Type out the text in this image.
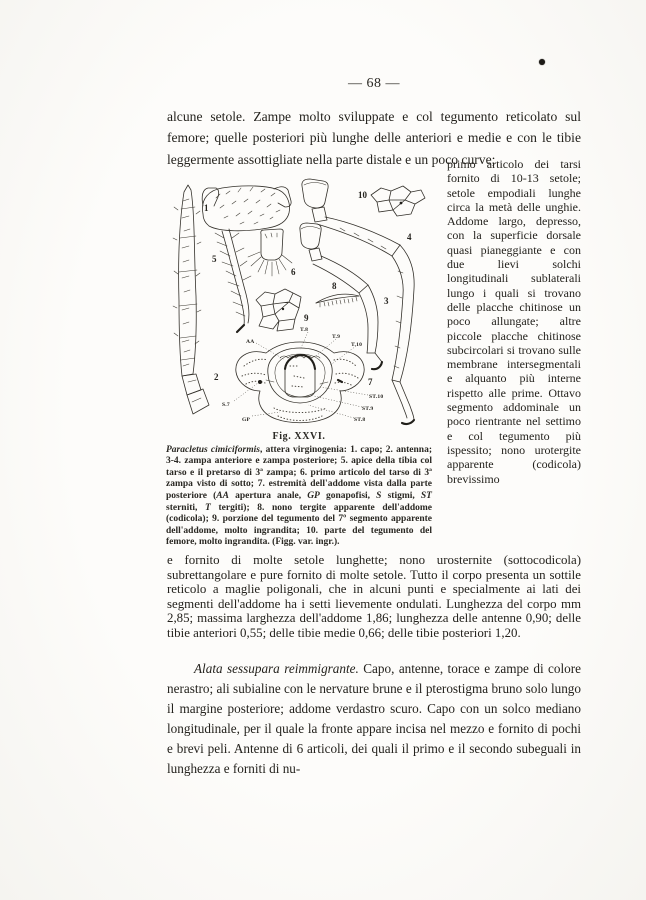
— 68 —
alcune setole. Zampe molto sviluppate e col tegumento reticolato sul femore; quelle posteriori più lunghe delle anteriori e medie e con le tibie leggermente assottigliate nella parte distale e un poco curve;
primo articolo dei tarsi fornito di 10-13 setole; setole empodiali lunghe circa la metà delle unghie. Addome largo, depresso, con la superficie dorsale quasi pianeggiante e con due lievi solchi longitudinali sublaterali lungo i quali si trovano delle placche chitinose un poco allungate; altre piccole placche chitinose subcircolari si trovano sulle membrane intersegmentali e alquanto più interne rispetto alle prime. Ottavo segmento addominale un poco rientrante nel settimo e col tegumento più ispessito; nono urotergite apparente (codicola) brevissimo
2
1
5
6
10
4
3
8
9
7
AA
T.8
T.9
T.10
S.7
GP
ST.10
ST.9
ST.8
Fig. XXVI.
Paracletus cimiciformis, attera virginogenia: 1. capo; 2. antenna; 3-4. zampa anteriore e zampa posteriore; 5. apice della tibia col tarso e il pretarso di 3ª zampa; 6. primo articolo del tarso di 3ª zampa visto di sotto; 7. estremità dell'addome vista dalla parte posteriore (AA apertura anale, GP gonapofisi, S stigmi, ST sterniti, T tergiti); 8. nono tergite apparente dell'addome (codicola); 9. porzione del tegumento del 7º segmento apparente dell'addome, molto ingrandita; 10. parte del tegumento del femore, molto ingrandita. (Figg. var. ingr.).
e fornito di molte setole lunghette; nono urosternite (sottocodicola) subrettangolare e pure fornito di molte setole. Tutto il corpo presenta un sottile reticolo a maglie poligonali, che in alcuni punti e specialmente ai lati dei segmenti dell'addome ha i setti lievemente ondulati. Lunghezza del corpo mm 2,85; massima larghezza dell'addome 1,86; lunghezza delle antenne 0,90; delle tibie anteriori 0,55; delle tibie medie 0,66; delle tibie posteriori 1,20.
Alata sessupara reimmigrante. Capo, antenne, torace e zampe di colore nerastro; ali subialine con le nervature brune e il pterostigma bruno solo lungo il margine posteriore; addome verdastro scuro. Capo con un solco mediano longitudinale, per il quale la fronte appare incisa nel mezzo e fornito di pochi e brevi peli. Antenne di 6 articoli, dei quali il primo e il secondo subeguali in lunghezza e forniti di nu-
